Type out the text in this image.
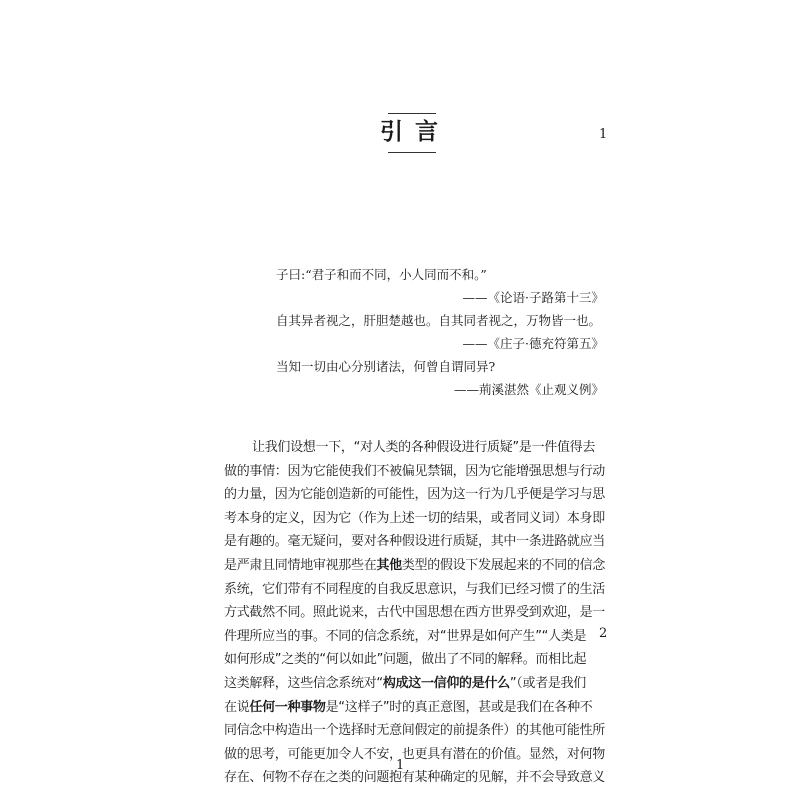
引言	1
子曰:“君子和而不同，小人同而不和。”
——《论语·子路第十三》
自其异者视之，肝胆楚越也。自其同者视之，万物皆一也。
——《庄子·德充符第五》
当知一切由心分别诸法，何曾自谓同异?
——荊溪湛然《止观义例》
让我们设想一下，“对人类的各种假设进行质疑”是一件值得去
做的事情：因为它能使我们不被偏见禁锢，因为它能增强思想与行动
的力量，因为它能创造新的可能性，因为这一行为几乎便是学习与思
考本身的定义，因为它（作为上述一切的结果，或者同义词）本身即
是有趣的。毫无疑问，要对各种假设进行质疑，其中一条进路就应当
是严肃且同情地审视那些在其他类型的假设下发展起来的不同的信念
系统，它们带有不同程度的自我反思意识，与我们已经习惯了的生活
方式截然不同。照此说来，古代中国思想在西方世界受到欢迎，是一
件理所应当的事。不同的信念系统，对“世界是如何产生”“人类是
如何形成”之类的“何以如此”问题，做出了不同的解释。而相比起
这类解释，这些信念系统对“构成这一信仰的是什么”（或者是我们
在说任何一种事物是“这样子”时的真正意图，甚或是我们在各种不
同信念中构造出一个选择时无意间假定的前提条件）的其他可能性所
做的思考，可能更加令人不安，也更具有潜在的价值。显然，对何物
存在、何物不存在之类的问题抱有某种确定的见解，并不会导致意义
2
1
